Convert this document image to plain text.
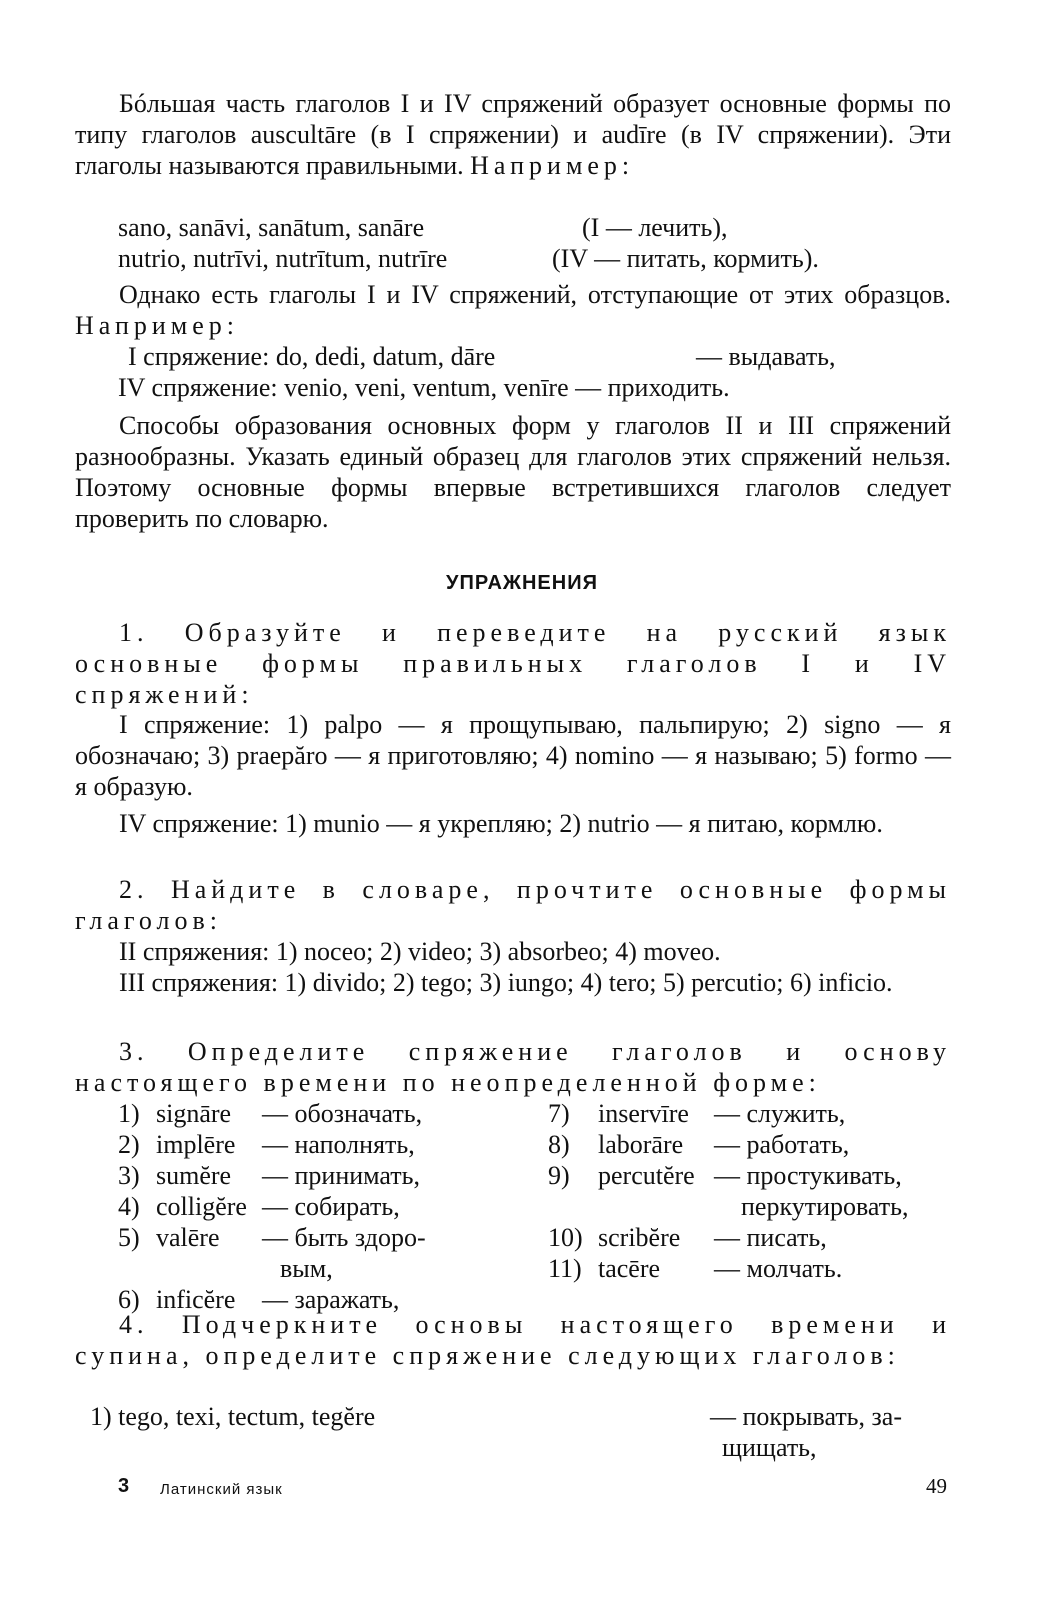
Бóльшая часть глаголов I и IV спряжений образует основные формы по типу глаголов auscultāre (в I спряжении) и audīre (в IV спряжении). Эти глаголы называются правильными. Например:

sano, sanāvi, sanātum, sanāre	(I — лечить),
nutrio, nutrīvi, nutrītum, nutrīre	(IV — питать, кормить).

Однако есть глаголы I и IV спряжений, отступающие от этих образцов. Например:

I спряжение: do, dedi, datum, dāre	— выдавать,
IV спряжение: venio, veni, ventum, venīre — приходить.

Способы образования основных форм у глаголов II и III спряжений разнообразны. Указать единый образец для глаголов этих спряжений нельзя. Поэтому основные формы впервые встретившихся глаголов следует проверить по словарю.

УПРАЖНЕНИЯ

1. Образуйте и переведите на русский язык основные формы правильных глаголов I и IV спряжений:

I спряжение: 1) palpo — я прощупываю, пальпирую; 2) signo — я обозначаю; 3) praepăro — я приготовляю; 4) nomino — я называю; 5) formo — я образую.

IV спряжение: 1) munio — я укрепляю; 2) nutrio — я питаю, кормлю.

2. Найдите в словаре, прочтите основные формы глаголов:

II спряжения: 1) noceo; 2) video; 3) absorbeo; 4) moveo.

III спряжения: 1) divido; 2) tego; 3) iungo; 4) tero; 5) percutio; 6) inficio.

3. Определите спряжение глаголов и основу настоящего времени по неопределенной форме:

1) signāre — обозначать,
2) implēre — наполнять,
3) sumĕre — принимать,
4) colligĕre — собирать,
5) valēre — быть здоро-
вым,
6) inficĕre — заражать,
7) inservīre — служить,
8) laborāre — работать,
9) percutĕre — простукивать,
перкутировать,
10) scribĕre — писать,
11) tacēre — молчать.

4. Подчеркните основы настоящего времени и супина, определите спряжение следующих глаголов:

1) tego, texi, tectum, tegĕre	— покрывать, за-
щищать,
3 Латинский язык	49
